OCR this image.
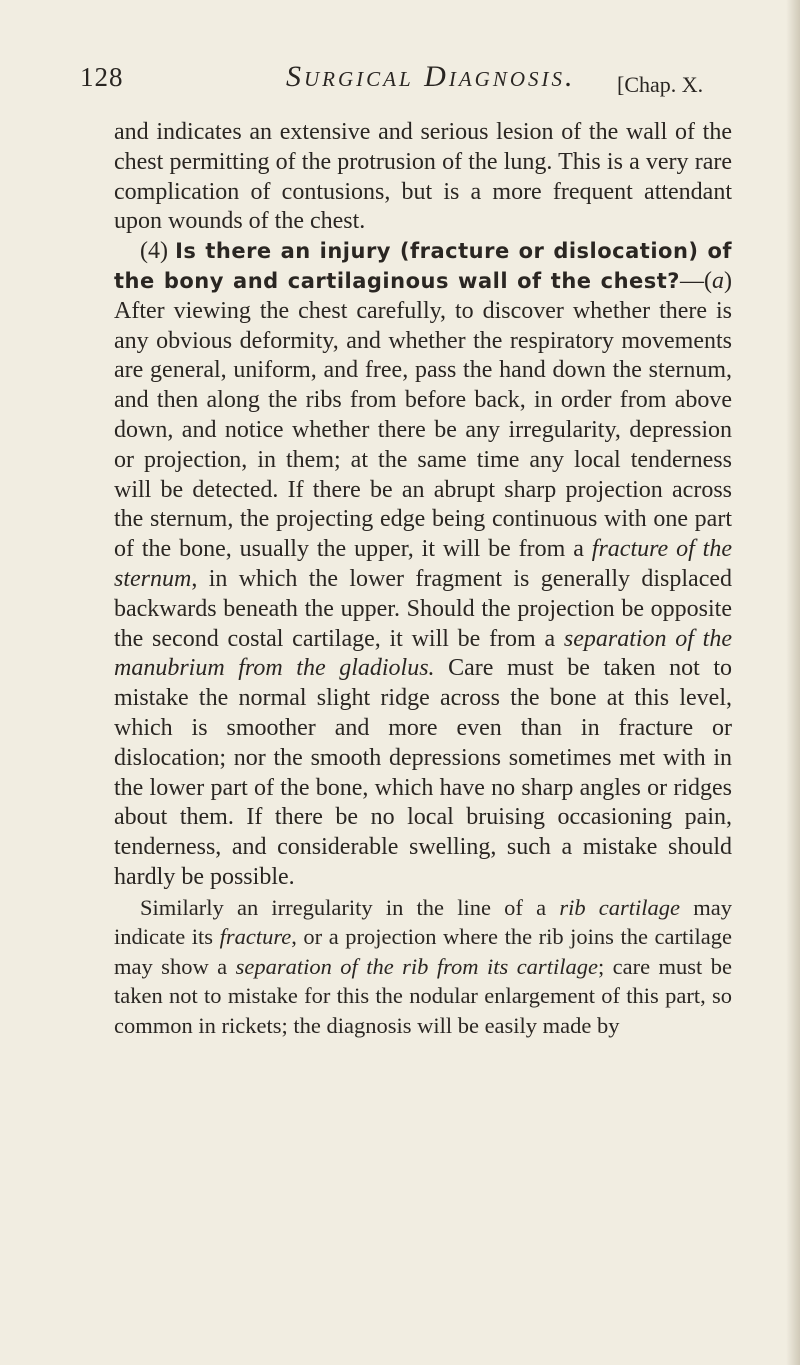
128	Surgical Diagnosis. [Chap. X.

and indicates an extensive and serious lesion of the wall of the chest permitting of the protrusion of the lung. This is a very rare complication of contusions, but is a more frequent attendant upon wounds of the chest.

(4) Is there an injury (fracture or dislocation) of the bony and cartilaginous wall of the chest?—(a) After viewing the chest carefully, to discover whether there is any obvious deformity, and whether the respiratory movements are general, uniform, and free, pass the hand down the sternum, and then along the ribs from before back, in order from above down, and notice whether there be any irregularity, depression or projection, in them; at the same time any local tenderness will be detected. If there be an abrupt sharp projection across the sternum, the projecting edge being continuous with one part of the bone, usually the upper, it will be from a fracture of the sternum, in which the lower fragment is generally displaced backwards beneath the upper. Should the projection be opposite the second costal cartilage, it will be from a separation of the manubrium from the gladiolus. Care must be taken not to mistake the normal slight ridge across the bone at this level, which is smoother and more even than in fracture or dislocation; nor the smooth depressions sometimes met with in the lower part of the bone, which have no sharp angles or ridges about them. If there be no local bruising occasioning pain, tenderness, and considerable swelling, such a mistake should hardly be possible.

Similarly an irregularity in the line of a rib cartilage may indicate its fracture, or a projection where the rib joins the cartilage may show a separation of the rib from its cartilage; care must be taken not to mistake for this the nodular enlargement of this part, so common in rickets; the diagnosis will be easily made by
